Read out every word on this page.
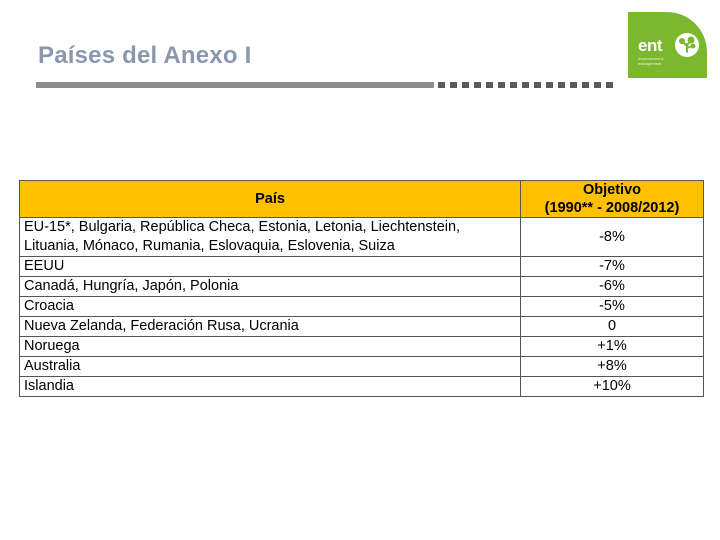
Países del Anexo I	ent
environment & management
País	Objetivo
(1990** - 2008/2012)

EU-15*, Bulgaria, República Checa, Estonia, Letonia, Liechtenstein, Lituania, Mónaco, Rumania, Eslovaquia, Eslovenia, Suiza	-8%
EEUU	-7%
Canadá, Hungría, Japón, Polonia	-6%
Croacia	-5%
Nueva Zelanda, Federación Rusa, Ucrania	0
Noruega	+1%
Australia	+8%
Islandia	+10%
